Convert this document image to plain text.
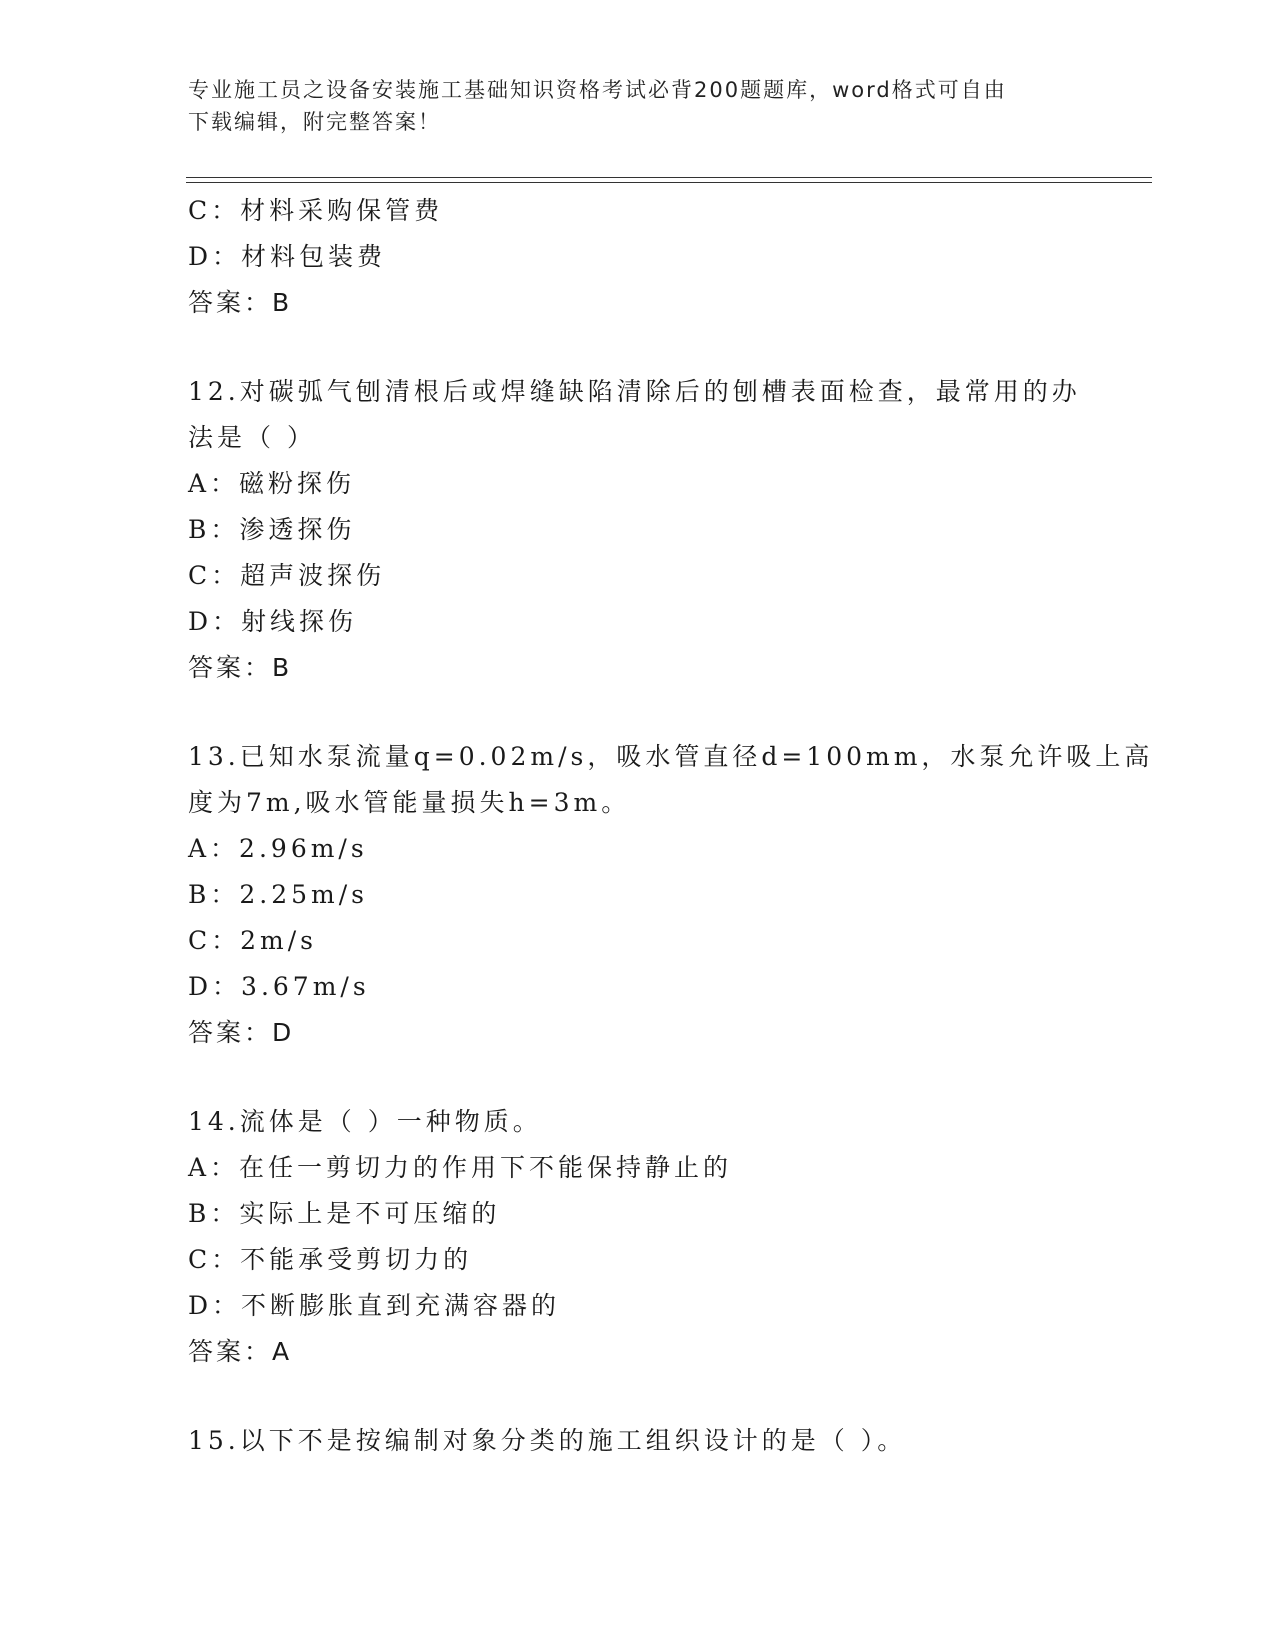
专业施工员之设备安装施工基础知识资格考试必背200题题库，word格式可自由
下载编辑，附完整答案！
C：材料采购保管费
D：材料包装费
答案：B
12.对碳弧气刨清根后或焊缝缺陷清除后的刨槽表面检查，最常用的办
法是（ ）
A：磁粉探伤
B：渗透探伤
C：超声波探伤
D：射线探伤
答案：B
13.已知水泵流量q=0.02m/s，吸水管直径d=100mm，水泵允许吸上高
度为7m,吸水管能量损失h=3m。
A：2.96m/s
B：2.25m/s
C：2m/s
D：3.67m/s
答案：D
14.流体是（ ）一种物质。
A：在任一剪切力的作用下不能保持静止的
B：实际上是不可压缩的
C：不能承受剪切力的
D：不断膨胀直到充满容器的
答案：A
15.以下不是按编制对象分类的施工组织设计的是（ ）。
